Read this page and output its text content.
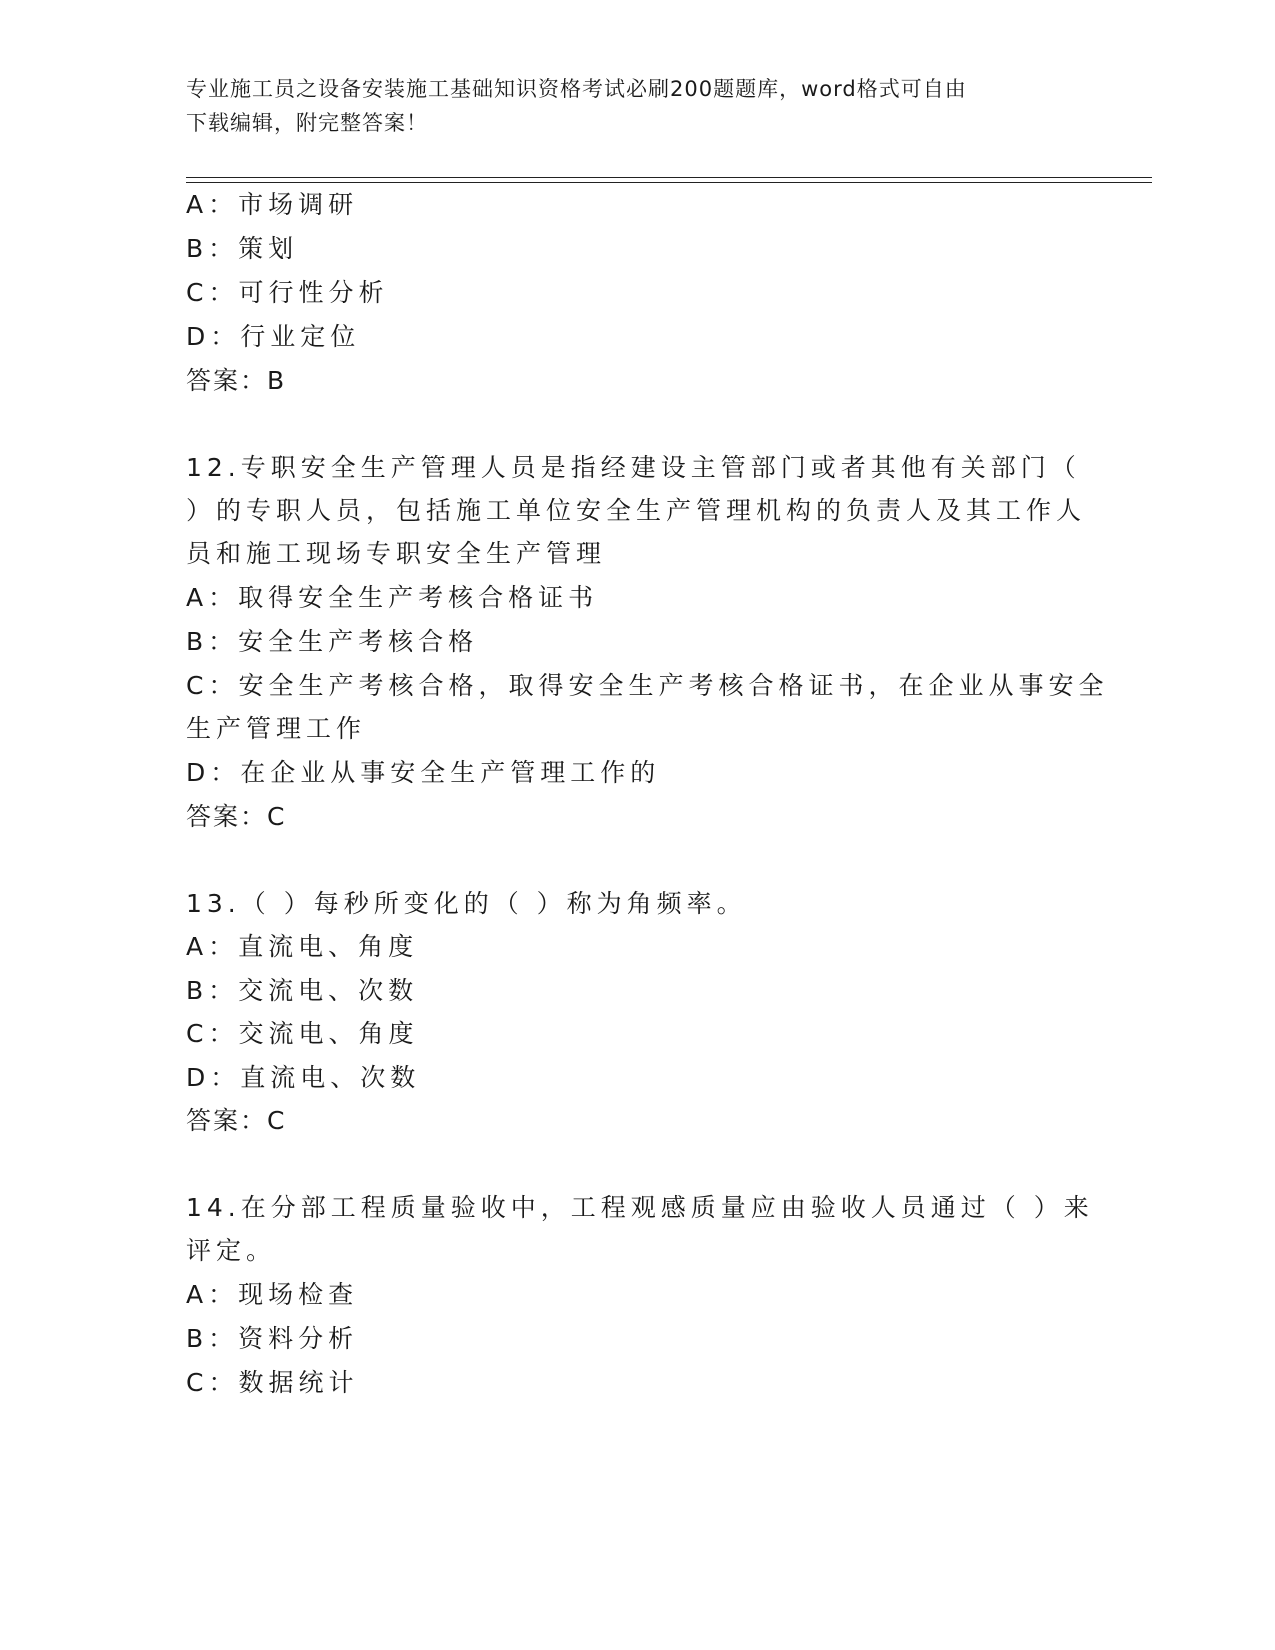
专业施工员之设备安装施工基础知识资格考试必刷200题题库，word格式可自由
下载编辑，附完整答案！
A：市场调研
B：策划
C：可行性分析
D：行业定位
答案：B
12.专职安全生产管理人员是指经建设主管部门或者其他有关部门（
）的专职人员，包括施工单位安全生产管理机构的负责人及其工作人
员和施工现场专职安全生产管理
A：取得安全生产考核合格证书
B：安全生产考核合格
C：安全生产考核合格，取得安全生产考核合格证书，在企业从事安全
生产管理工作
D：在企业从事安全生产管理工作的
答案：C
13.（ ）每秒所变化的（ ）称为角频率。
A：直流电、角度
B：交流电、次数
C：交流电、角度
D：直流电、次数
答案：C
14.在分部工程质量验收中，工程观感质量应由验收人员通过（ ）来
评定。
A：现场检查
B：资料分析
C：数据统计
